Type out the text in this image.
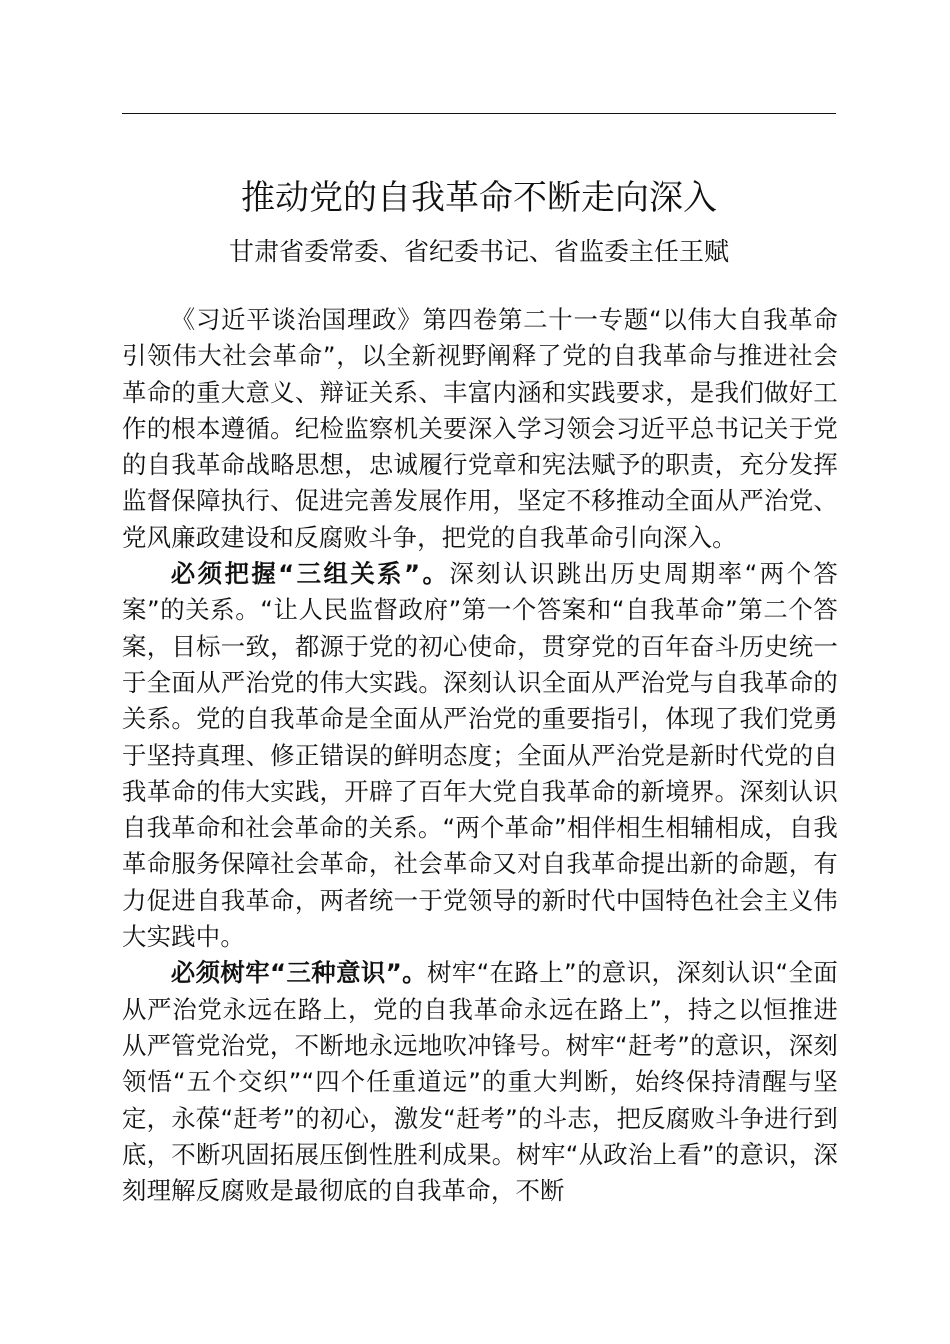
推动党的自我革命不断走向深入

甘肃省委常委、省纪委书记、省监委主任王赋

《习近平谈治国理政》第四卷第二十一专题“以伟大自我革命引领伟大社会革命”，以全新视野阐释了党的自我革命与推进社会革命的重大意义、辩证关系、丰富内涵和实践要求，是我们做好工作的根本遵循。纪检监察机关要深入学习领会习近平总书记关于党的自我革命战略思想，忠诚履行党章和宪法赋予的职责，充分发挥监督保障执行、促进完善发展作用，坚定不移推动全面从严治党、党风廉政建设和反腐败斗争，把党的自我革命引向深入。

必须把握“三组关系”。深刻认识跳出历史周期率“两个答案”的关系。“让人民监督政府”第一个答案和“自我革命”第二个答案，目标一致，都源于党的初心使命，贯穿党的百年奋斗历史统一于全面从严治党的伟大实践。深刻认识全面从严治党与自我革命的关系。党的自我革命是全面从严治党的重要指引，体现了我们党勇于坚持真理、修正错误的鲜明态度；全面从严治党是新时代党的自我革命的伟大实践，开辟了百年大党自我革命的新境界。深刻认识自我革命和社会革命的关系。“两个革命”相伴相生相辅相成，自我革命服务保障社会革命，社会革命又对自我革命提出新的命题，有力促进自我革命，两者统一于党领导的新时代中国特色社会主义伟大实践中。

必须树牢“三种意识”。树牢“在路上”的意识，深刻认识“全面从严治党永远在路上，党的自我革命永远在路上”，持之以恒推进从严管党治党，不断地永远地吹冲锋号。树牢“赶考”的意识，深刻领悟“五个交织”“四个任重道远”的重大判断，始终保持清醒与坚定，永葆“赶考”的初心，激发“赶考”的斗志，把反腐败斗争进行到底，不断巩固拓展压倒性胜利成果。树牢“从政治上看”的意识，深刻理解反腐败是最彻底的自我革命，不断
